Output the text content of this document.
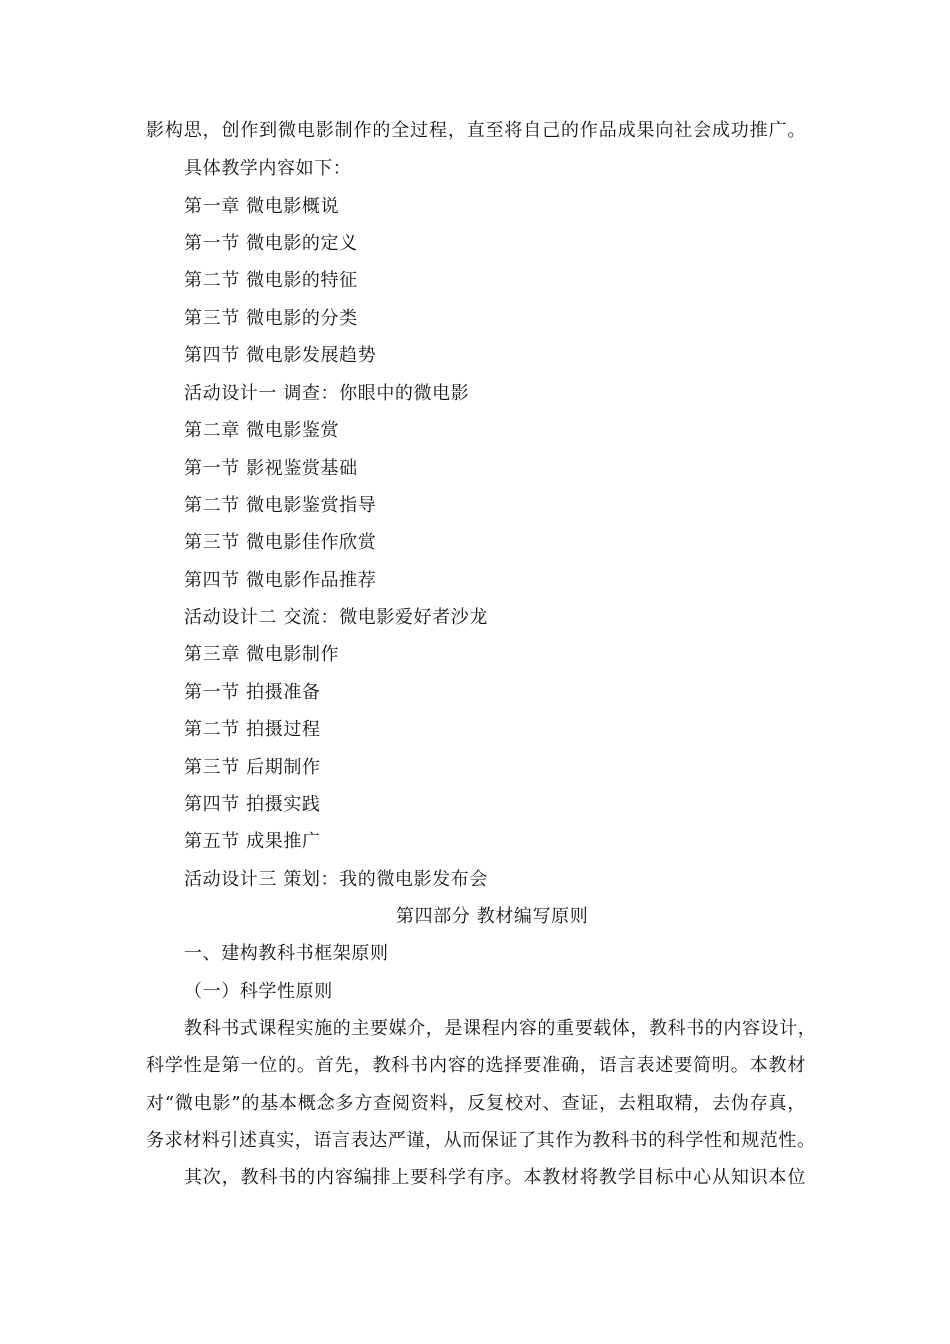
影构思，创作到微电影制作的全过程，直至将自己的作品成果向社会成功推广。
具体教学内容如下：
第一章 微电影概说
第一节 微电影的定义
第二节 微电影的特征
第三节 微电影的分类
第四节 微电影发展趋势
活动设计一 调查：你眼中的微电影
第二章 微电影鉴赏
第一节 影视鉴赏基础
第二节 微电影鉴赏指导
第三节 微电影佳作欣赏
第四节 微电影作品推荐
活动设计二 交流：微电影爱好者沙龙
第三章 微电影制作
第一节 拍摄准备
第二节 拍摄过程
第三节 后期制作
第四节 拍摄实践
第五节 成果推广
活动设计三 策划：我的微电影发布会
第四部分 教材编写原则
一、建构教科书框架原则
（一）科学性原则
教科书式课程实施的主要媒介，是课程内容的重要载体，教科书的内容设计，
科学性是第一位的。首先，教科书内容的选择要准确，语言表述要简明。本教材
对“微电影”的基本概念多方查阅资料，反复校对、查证，去粗取精，去伪存真，
务求材料引述真实，语言表达严谨，从而保证了其作为教科书的科学性和规范性。
其次，教科书的内容编排上要科学有序。本教材将教学目标中心从知识本位
